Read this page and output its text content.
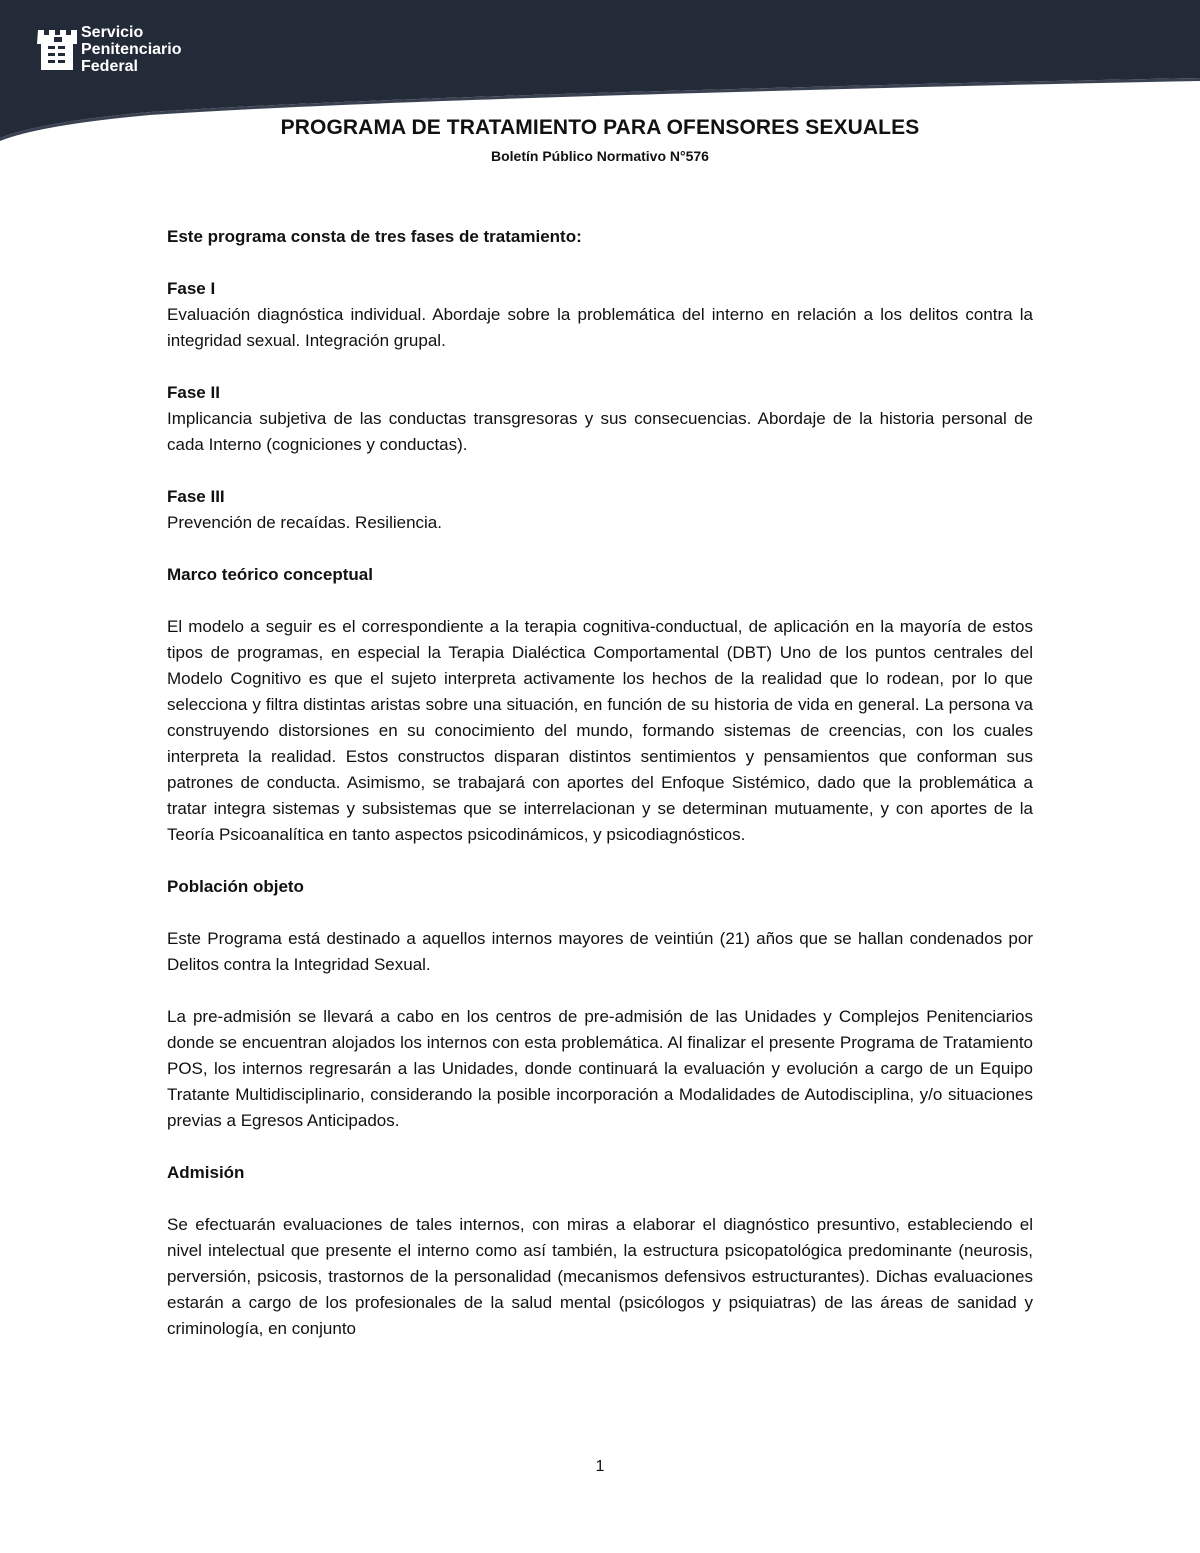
Servicio
Penitenciario
Federal
PROGRAMA DE TRATAMIENTO PARA OFENSORES SEXUALES
Boletín Público Normativo N°576

Este programa consta de tres fases de tratamiento:

Fase I

Evaluación diagnóstica individual. Abordaje sobre la problemática del interno en relación a los delitos contra la integridad sexual. Integración grupal.

Fase II

Implicancia subjetiva de las conductas transgresoras y sus consecuencias. Abordaje de la historia personal de cada Interno (cogniciones y conductas).

Fase III

Prevención de recaídas. Resiliencia.

Marco teórico conceptual

El modelo a seguir es el correspondiente a la terapia cognitiva-conductual, de aplicación en la mayoría de estos tipos de programas, en especial la Terapia Dialéctica Comportamental (DBT) Uno de los puntos centrales del Modelo Cognitivo es que el sujeto interpreta activamente los hechos de la realidad que lo rodean, por lo que selecciona y filtra distintas aristas sobre una situación, en función de su historia de vida en general. La persona va construyendo distorsiones en su conocimiento del mundo, formando sistemas de creencias, con los cuales interpreta la realidad. Estos constructos disparan distintos sentimientos y pensamientos que conforman sus patrones de conducta. Asimismo, se trabajará con aportes del Enfoque Sistémico, dado que la problemática a tratar integra sistemas y subsistemas que se interrelacionan y se determinan mutuamente, y con aportes de la Teoría Psicoanalítica en tanto aspectos psicodinámicos, y psicodiagnósticos.

Población objeto

Este Programa está destinado a aquellos internos mayores de veintiún (21) años que se hallan condenados por Delitos contra la Integridad Sexual.

La pre-admisión se llevará a cabo en los centros de pre-admisión de las Unidades y Complejos Penitenciarios donde se encuentran alojados los internos con esta problemática. Al finalizar el presente Programa de Tratamiento POS, los internos regresarán a las Unidades, donde continuará la evaluación y evolución a cargo de un Equipo Tratante Multidisciplinario, considerando la posible incorporación a Modalidades de Autodisciplina, y/o situaciones previas a Egresos Anticipados.

Admisión

Se efectuarán evaluaciones de tales internos, con miras a elaborar el diagnóstico presuntivo, estableciendo el nivel intelectual que presente el interno como así también, la estructura psicopatológica predominante (neurosis, perversión, psicosis, trastornos de la personalidad (mecanismos defensivos estructurantes). Dichas evaluaciones estarán a cargo de los profesionales de la salud mental (psicólogos y psiquiatras) de las áreas de sanidad y criminología, en conjunto

1
